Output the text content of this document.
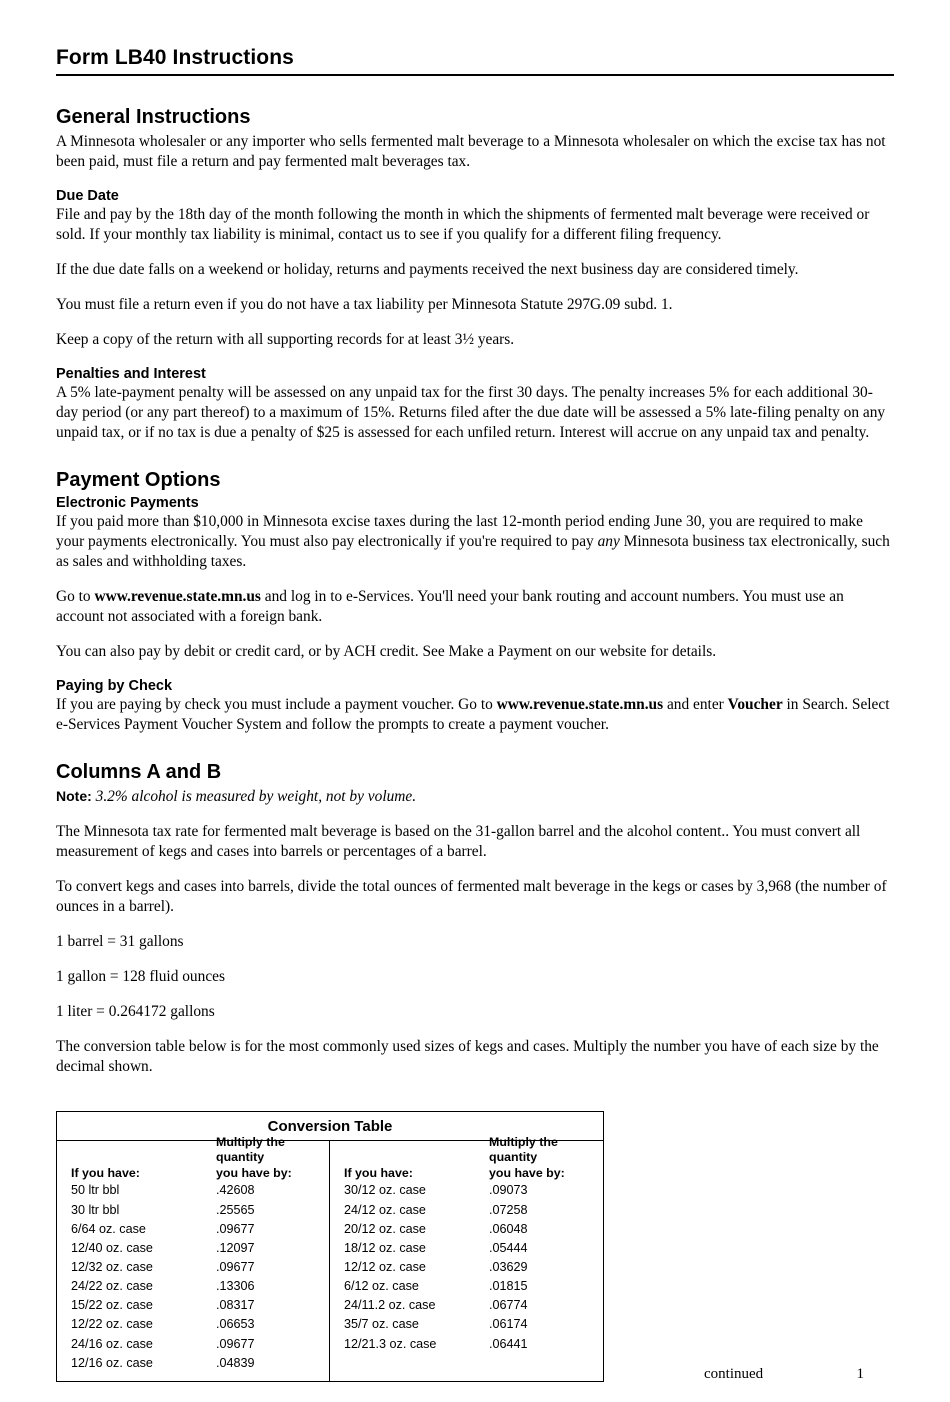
Form LB40 Instructions
General Instructions

A Minnesota wholesaler or any importer who sells fermented malt beverage to a Minnesota wholesaler on which the excise tax has not been paid, must file a return and pay fermented malt beverages tax.

Due Date

File and pay by the 18th day of the month following the month in which the shipments of fermented malt beverage were received or sold. If your monthly tax liability is minimal, contact us to see if you qualify for a different filing frequency.

If the due date falls on a weekend or holiday, returns and payments received the next business day are considered timely.

You must file a return even if you do not have a tax liability per Minnesota Statute 297G.09 subd. 1.

Keep a copy of the return with all supporting records for at least 3½ years.

Penalties and Interest

A 5% late-payment penalty will be assessed on any unpaid tax for the first 30 days. The penalty increases 5% for each additional 30-day period (or any part thereof) to a maximum of 15%. Returns filed after the due date will be assessed a 5% late-filing penalty on any unpaid tax, or if no tax is due a penalty of $25 is assessed for each unfiled return. Interest will accrue on any unpaid tax and penalty.

Payment Options
Electronic Payments

If you paid more than $10,000 in Minnesota excise taxes during the last 12-month period ending June 30, you are required to make your payments electronically. You must also pay electronically if you're required to pay any Minnesota business tax electronically, such as sales and withholding taxes.

Go to www.revenue.state.mn.us and log in to e-Services. You'll need your bank routing and account numbers. You must use an account not associated with a foreign bank.

You can also pay by debit or credit card, or by ACH credit. See Make a Payment on our website for details.

Paying by Check

If you are paying by check you must include a payment voucher. Go to www.revenue.state.mn.us and enter Voucher in Search. Select e-Services Payment Voucher System and follow the prompts to create a payment voucher.

Columns A and B
Note: 3.2% alcohol is measured by weight, not by volume.

The Minnesota tax rate for fermented malt beverage is based on the 31-gallon barrel and the alcohol content.. You must convert all measurement of kegs and cases into barrels or percentages of a barrel.

To convert kegs and cases into barrels, divide the total ounces of fermented malt beverage in the kegs or cases by 3,968 (the number of ounces in a barrel).

1 barrel = 31 gallons

1 gallon = 128 fluid ounces

1 liter = 0.264172 gallons

The conversion table below is for the most commonly used sizes of kegs and cases. Multiply the number you have of each size by the decimal shown.

Conversion Table
If you have:
Multiply the quantity
you have by:
50 ltr bbl	.42608
30 ltr bbl	.25565
6/64 oz. case	.09677
12/40 oz. case	.12097
12/32 oz. case	.09677
24/22 oz. case	.13306
15/22 oz. case	.08317
12/22 oz. case	.06653
24/16 oz. case	.09677
12/16 oz. case	.04839
If you have:
Multiply the quantity
you have by:
30/12 oz. case	.09073
24/12 oz. case	.07258
20/12 oz. case	.06048
18/12 oz. case	.05444
12/12 oz. case	.03629
6/12 oz. case	.01815
24/11.2 oz. case	.06774
35/7 oz. case	.06174
12/21.3 oz. case	.06441
continued	1
